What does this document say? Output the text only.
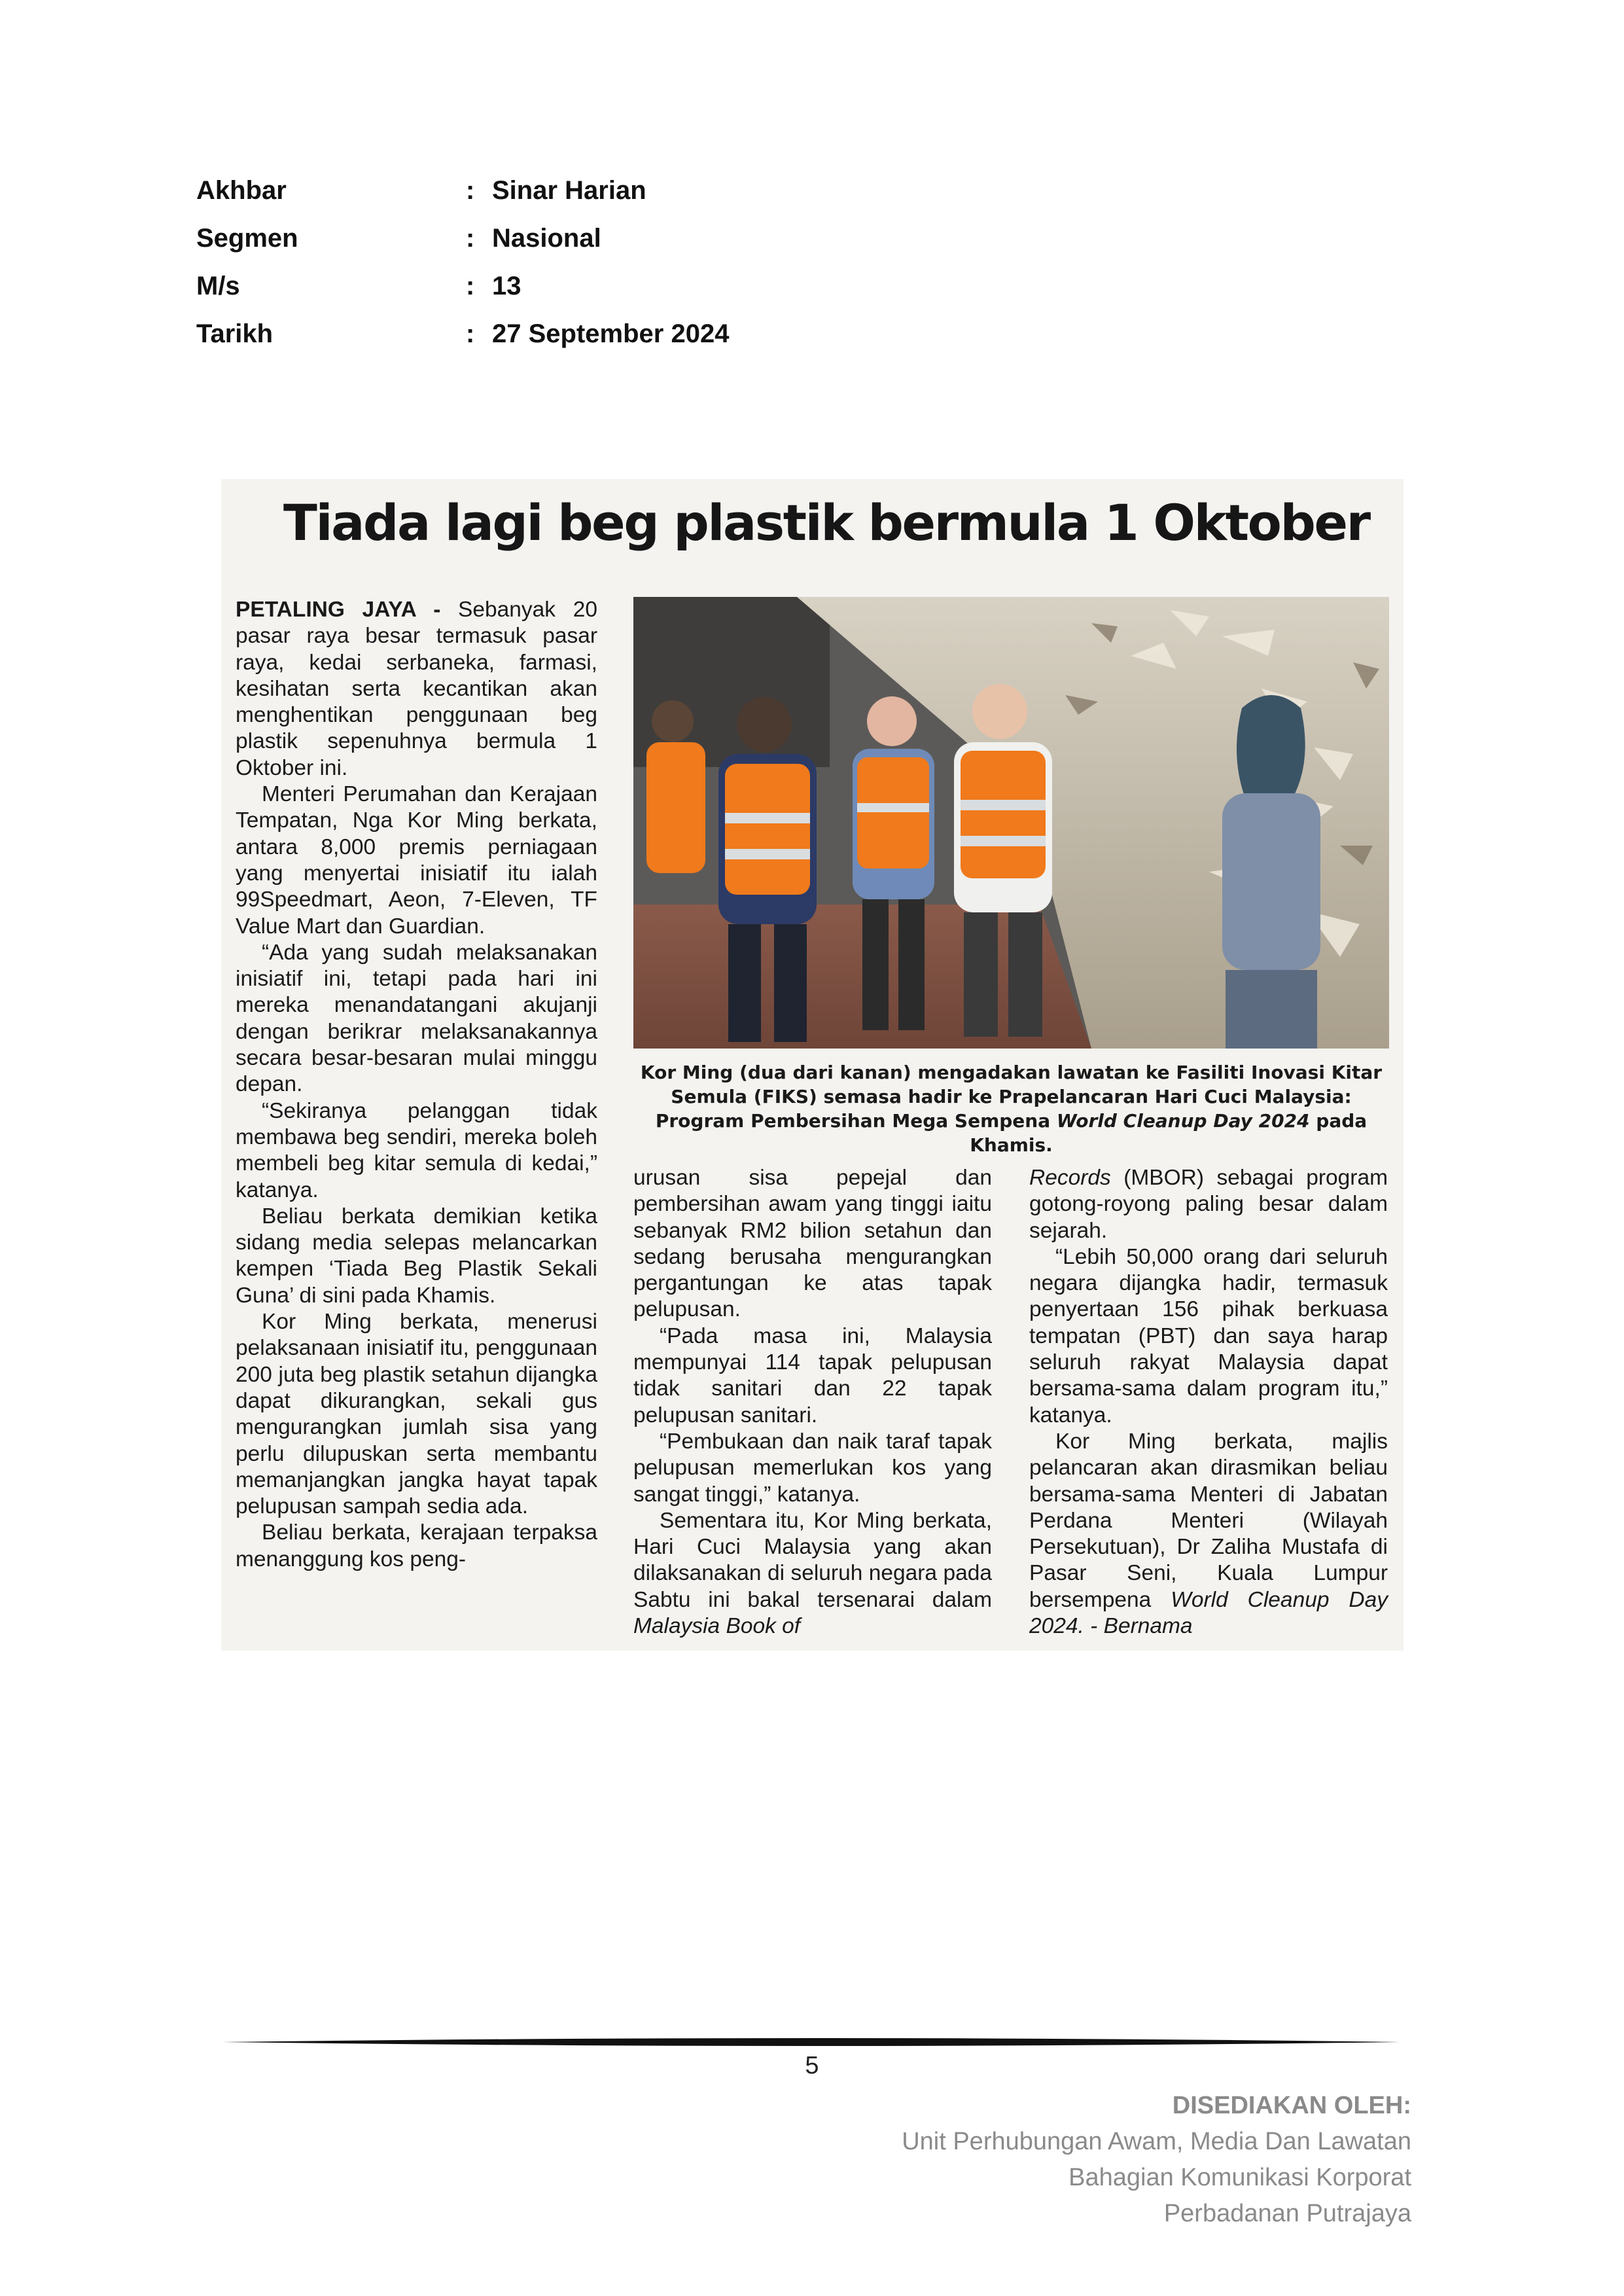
Akhbar	: Sinar Harian
Segmen	: Nasional
M/s	: 13
Tarikh	: 27 September 2024
Tiada lagi beg plastik bermula 1 Oktober

PETALING JAYA - Sebanyak 20 pasar raya besar termasuk pasar raya, kedai serbaneka, farmasi, kesihatan serta kecantikan akan menghentikan penggunaan beg plastik sepenuhnya bermula 1 Oktober ini.

Menteri Perumahan dan Kerajaan Tempatan, Nga Kor Ming berkata, antara 8,000 premis perniagaan yang menyertai inisiatif itu ialah 99Speedmart, Aeon, 7-Eleven, TF Value Mart dan Guardian.

“Ada yang sudah melaksanakan inisiatif ini, tetapi pada hari ini mereka menandatangani akujanji dengan berikrar melaksanakannya secara besar-besaran mulai minggu depan.

“Sekiranya pelanggan tidak membawa beg sendiri, mereka boleh membeli beg kitar semula di kedai,” katanya.

Beliau berkata demikian ketika sidang media selepas melancarkan kempen ‘Tiada Beg Plastik Sekali Guna’ di sini pada Khamis.

Kor Ming berkata, menerusi pelaksanaan inisiatif itu, penggunaan 200 juta beg plastik setahun dijangka dapat dikurangkan, sekali gus mengurangkan jumlah sisa yang perlu dilupuskan serta membantu memanjangkan jangka hayat tapak pelupusan sampah sedia ada.

Beliau berkata, kerajaan terpaksa menanggung kos peng-

Kor Ming (dua dari kanan) mengadakan lawatan ke Fasiliti Inovasi Kitar Semula (FIKS) semasa hadir ke Prapelancaran Hari Cuci Malaysia: Program Pembersihan Mega Sempena World Cleanup Day 2024 pada Khamis.

urusan sisa pepejal dan pembersihan awam yang tinggi iaitu sebanyak RM2 bilion setahun dan sedang berusaha mengurangkan pergantungan ke atas tapak pelupusan.

“Pada masa ini, Malaysia mempunyai 114 tapak pelupusan tidak sanitari dan 22 tapak pelupusan sanitari.

“Pembukaan dan naik taraf tapak pelupusan memerlukan kos yang sangat tinggi,” katanya.

Sementara itu, Kor Ming berkata, Hari Cuci Malaysia yang akan dilaksanakan di seluruh negara pada Sabtu ini bakal tersenarai dalam Malaysia Book of

Records (MBOR) sebagai program gotong-royong paling besar dalam sejarah.

“Lebih 50,000 orang dari seluruh negara dijangka hadir, termasuk penyertaan 156 pihak berkuasa tempatan (PBT) dan saya harap seluruh rakyat Malaysia dapat bersama-sama dalam program itu,” katanya.

Kor Ming berkata, majlis pelancaran akan dirasmikan beliau bersama-sama Menteri di Jabatan Perdana Menteri (Wilayah Persekutuan), Dr Zaliha Mustafa di Pasar Seni, Kuala Lumpur bersempena World Cleanup Day 2024. - Bernama

5
DISEDIAKAN OLEH:
Unit Perhubungan Awam, Media Dan Lawatan
Bahagian Komunikasi Korporat
Perbadanan Putrajaya
